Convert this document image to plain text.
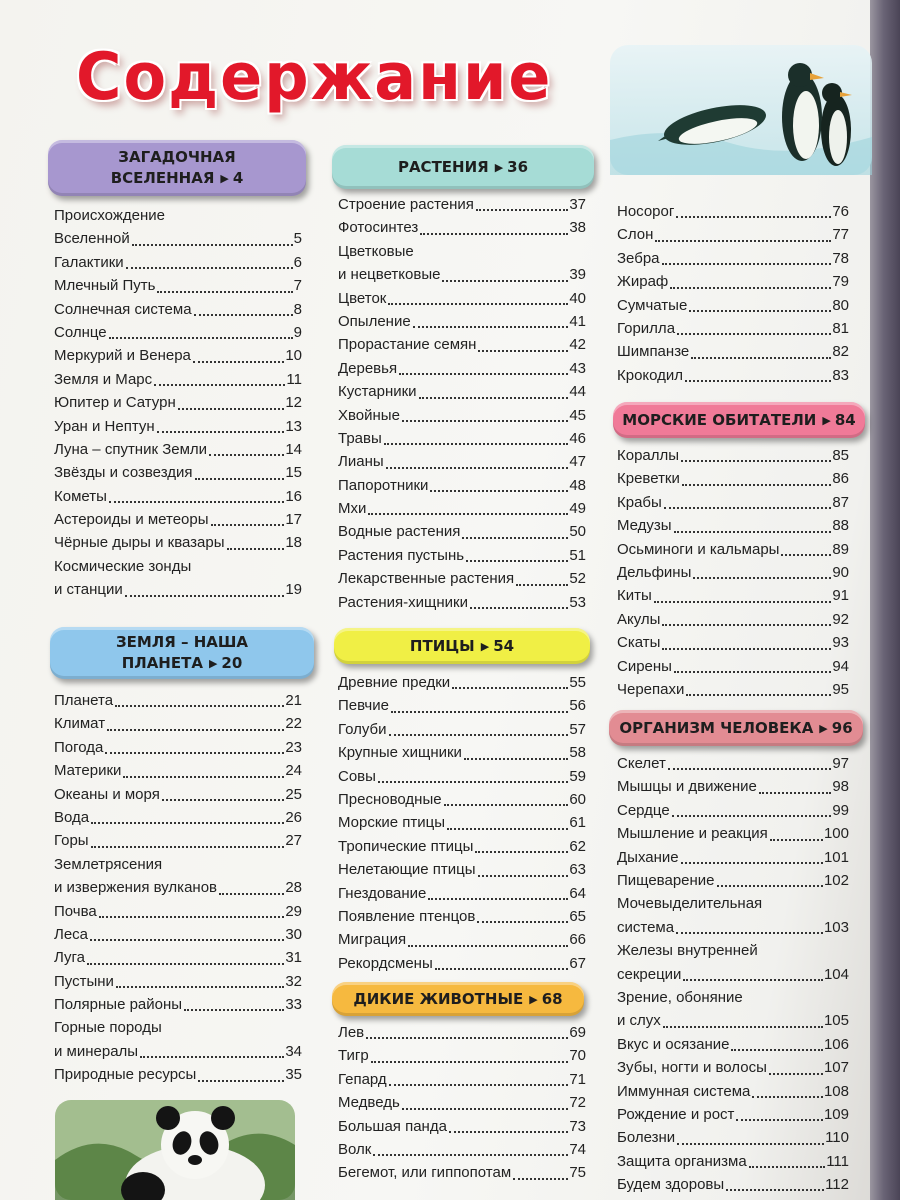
Содержание
ЗАГАДОЧНАЯ
ВСЕЛЕННАЯ ▶ 4
Происхождение
Вселенной	5
Галактики	6
Млечный Путь	7
Солнечная система	8
Солнце	9
Меркурий и Венера	10
Земля и Марс	11
Юпитер и Сатурн	12
Уран и Нептун	13
Луна – спутник Земли	14
Звёзды и созвездия	15
Кометы	16
Астероиды и метеоры	17
Чёрные дыры и квазары	18
Космические зонды
и станции	19
ЗЕМЛЯ – НАША
ПЛАНЕТА ▶ 20
Планета	21
Климат	22
Погода	23
Материки	24
Океаны и моря	25
Вода	26
Горы	27
Землетрясения
и извержения вулканов	28
Почва	29
Леса	30
Луга	31
Пустыни	32
Полярные районы	33
Горные породы
и минералы	34
Природные ресурсы	35
РАСТЕНИЯ ▶ 36
Строение растения	37
Фотосинтез	38
Цветковые
и нецветковые	39
Цветок	40
Опыление	41
Прорастание семян	42
Деревья	43
Кустарники	44
Хвойные	45
Травы	46
Лианы	47
Папоротники	48
Мхи	49
Водные растения	50
Растения пустынь	51
Лекарственные растения	52
Растения-хищники	53
ПТИЦЫ ▶ 54
Древние предки	55
Певчие	56
Голуби	57
Крупные хищники	58
Совы	59
Пресноводные	60
Морские птицы	61
Тропические птицы	62
Нелетающие птицы	63
Гнездование	64
Появление птенцов	65
Миграция	66
Рекордсмены	67
ДИКИЕ ЖИВОТНЫЕ ▶ 68
Лев	69
Тигр	70
Гепард	71
Медведь	72
Большая панда	73
Волк	74
Бегемот, или гиппопотам	75
Носорог	76
Слон	77
Зебра	78
Жираф	79
Сумчатые	80
Горилла	81
Шимпанзе	82
Крокодил	83
МОРСКИЕ ОБИТАТЕЛИ ▶ 84
Кораллы	85
Креветки	86
Крабы	87
Медузы	88
Осьминоги и кальмары	89
Дельфины	90
Киты	91
Акулы	92
Скаты	93
Сирены	94
Черепахи	95
ОРГАНИЗМ ЧЕЛОВЕКА ▶ 96
Скелет	97
Мышцы и движение	98
Сердце	99
Мышление и реакция	100
Дыхание	101
Пищеварение	102
Мочевыделительная
система	103
Железы внутренней
секреции	104
Зрение, обоняние
и слух	105
Вкус и осязание	106
Зубы, ногти и волосы	107
Иммунная система	108
Рождение и рост	109
Болезни	110
Защита организма	111
Будем здоровы	112
